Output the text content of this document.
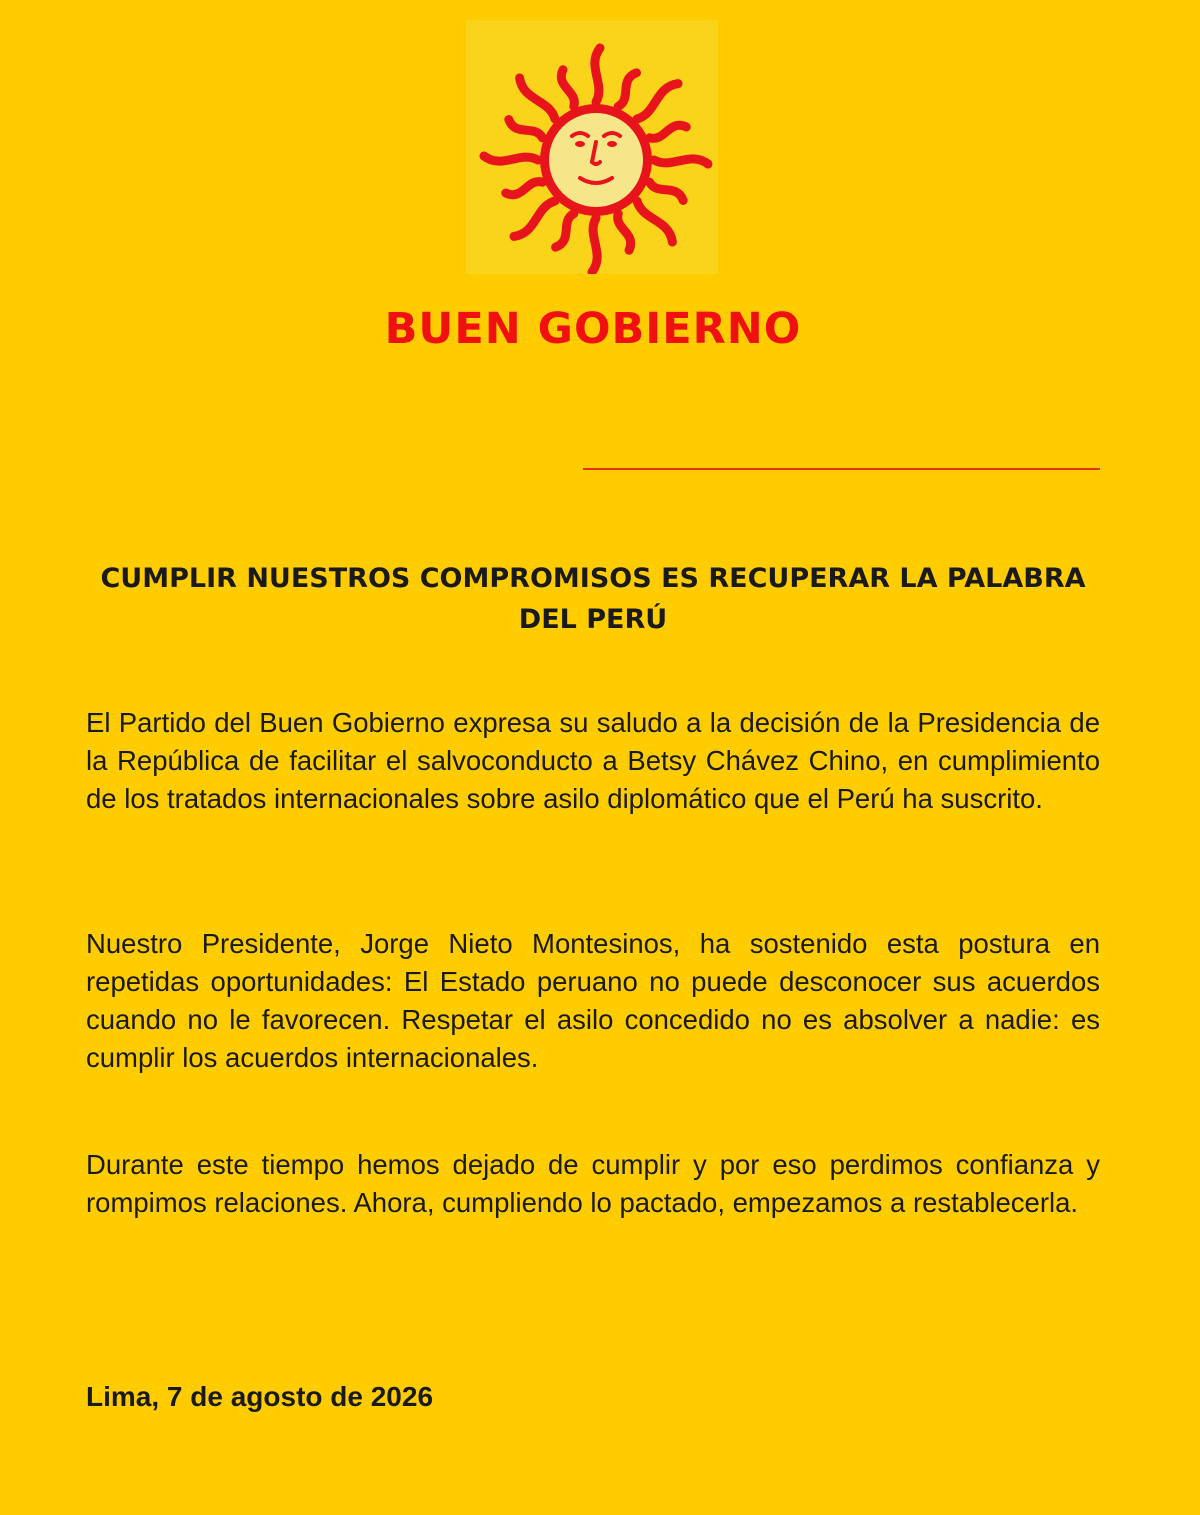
BUEN GOBIERNO
CUMPLIR NUESTROS COMPROMISOS ES RECUPERAR LA PALABRA DEL PERÚ

El Partido del Buen Gobierno expresa su saludo a la decisión de la Presidencia de la República de facilitar el salvoconducto a Betsy Chávez Chino, en cumplimiento de los tratados internacionales sobre asilo diplomático que el Perú ha suscrito.

Nuestro Presidente, Jorge Nieto Montesinos, ha sostenido esta postura en repetidas oportunidades: El Estado peruano no puede desconocer sus acuerdos cuando no le favorecen. Respetar el asilo concedido no es absolver a nadie: es cumplir los acuerdos internacionales.

Durante este tiempo hemos dejado de cumplir y por eso perdimos confianza y rompimos relaciones. Ahora, cumpliendo lo pactado, empezamos a restablecerla.

Lima, 7 de agosto de 2026
